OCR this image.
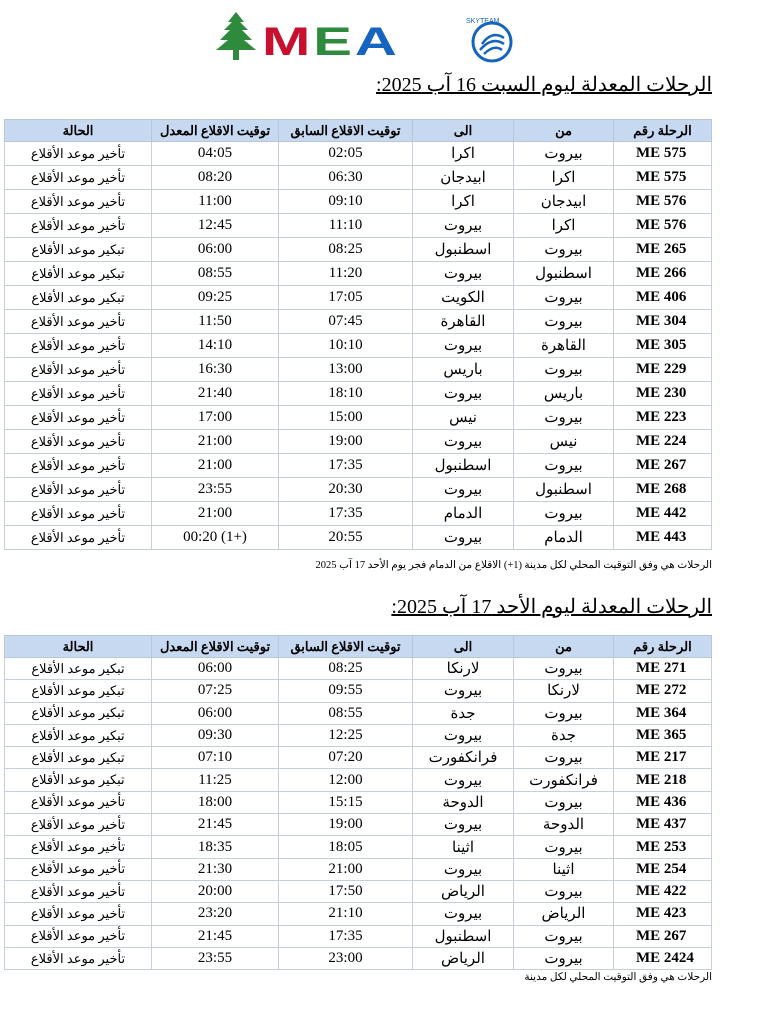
MEA	SKYTEAM
الرحلات المعدلة ليوم السبت 16 آب 2025:
الرحلة رقم	من	الى	توقيت الاقلاع السابق	توقيت الاقلاع المعدل	الحالة
ME 575	بيروت	اكرا	02:05	04:05	تأخير موعد الأقلاع
ME 575	اكرا	ابيدجان	06:30	08:20	تأخير موعد الأقلاع
ME 576	ابيدجان	اكرا	09:10	11:00	تأخير موعد الأقلاع
ME 576	اكرا	بيروت	11:10	12:45	تأخير موعد الأقلاع
ME 265	بيروت	اسطنبول	08:25	06:00	تبكير موعد الأقلاع
ME 266	اسطنبول	بيروت	11:20	08:55	تبكير موعد الأقلاع
ME 406	بيروت	الكويت	17:05	09:25	تبكير موعد الأقلاع
ME 304	بيروت	القاهرة	07:45	11:50	تأخير موعد الأقلاع
ME 305	القاهرة	بيروت	10:10	14:10	تأخير موعد الأقلاع
ME 229	بيروت	باريس	13:00	16:30	تأخير موعد الأقلاع
ME 230	باريس	بيروت	18:10	21:40	تأخير موعد الأقلاع
ME 223	بيروت	نيس	15:00	17:00	تأخير موعد الأقلاع
ME 224	نيس	بيروت	19:00	21:00	تأخير موعد الأقلاع
ME 267	بيروت	اسطنبول	17:35	21:00	تأخير موعد الأقلاع
ME 268	اسطنبول	بيروت	20:30	23:55	تأخير موعد الأقلاع
ME 442	بيروت	الدمام	17:35	21:00	تأخير موعد الأقلاع
ME 443	الدمام	بيروت	20:55	00:20 (1+)	تأخير موعد الأقلاع
الرحلات هي وفق التوقيت المحلي لكل مدينة
(1+) الاقلاع من الدمام فجر يوم الأحد 17 آب 2025
الرحلات المعدلة ليوم الأحد 17 آب 2025:
الرحلة رقم	من	الى	توقيت الاقلاع السابق	توقيت الاقلاع المعدل	الحالة
ME 271	بيروت	لارنكا	08:25	06:00	تبكير موعد الأقلاع
ME 272	لارنكا	بيروت	09:55	07:25	تبكير موعد الأقلاع
ME 364	بيروت	جدة	08:55	06:00	تبكير موعد الأقلاع
ME 365	جدة	بيروت	12:25	09:30	تبكير موعد الأقلاع
ME 217	بيروت	فرانكفورت	07:20	07:10	تبكير موعد الأقلاع
ME 218	فرانكفورت	بيروت	12:00	11:25	تبكير موعد الأقلاع
ME 436	بيروت	الدوحة	15:15	18:00	تأخير موعد الأقلاع
ME 437	الدوحة	بيروت	19:00	21:45	تأخير موعد الأقلاع
ME 253	بيروت	اثينا	18:05	18:35	تأخير موعد الأقلاع
ME 254	اثينا	بيروت	21:00	21:30	تأخير موعد الأقلاع
ME 422	بيروت	الرياض	17:50	20:00	تأخير موعد الأقلاع
ME 423	الرياض	بيروت	21:10	23:20	تأخير موعد الأقلاع
ME 267	بيروت	اسطنبول	17:35	21:45	تأخير موعد الأقلاع
ME 2424	بيروت	الرياض	23:00	23:55	تأخير موعد الأقلاع
الرحلات هي وفق التوقيت المحلي لكل مدينة
